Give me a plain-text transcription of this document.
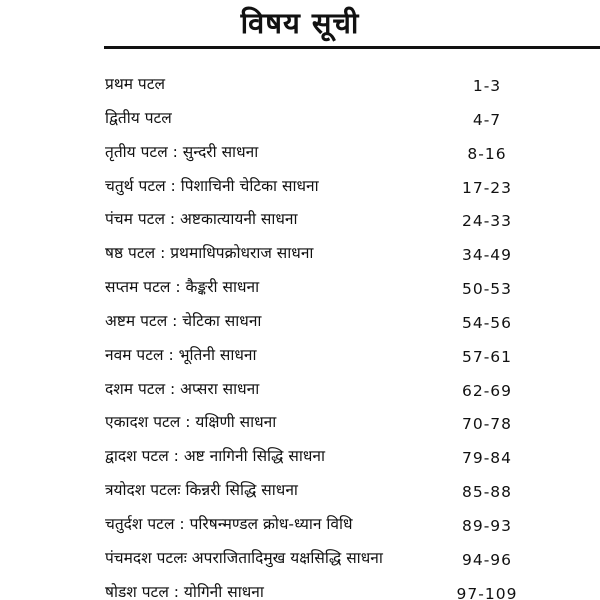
विषय सूची
प्रथम पटल	1-3
द्वितीय पटल	4-7
तृतीय पटल : सुन्दरी साधना	8-16
चतुर्थ पटल : पिशाचिनी चेटिका साधना	17-23
पंचम पटल : अष्टकात्यायनी साधना	24-33
षष्ठ पटल : प्रथमाधिपक्रोधराज साधना	34-49
सप्तम पटल : कैङ्करी साधना	50-53
अष्टम पटल : चेटिका साधना	54-56
नवम पटल : भूतिनी साधना	57-61
दशम पटल : अप्सरा साधना	62-69
एकादश पटल : यक्षिणी साधना	70-78
द्वादश पटल : अष्ट नागिनी सिद्धि साधना	79-84
त्रयोदश पटलः किन्नरी सिद्धि साधना	85-88
चतुर्दश पटल : परिषन्मण्डल क्रोध-ध्यान विधि	89-93
पंचमदश पटलः अपराजितादिमुख यक्षसिद्धि साधना	94-96
षोडश पटल : योगिनी साधना	97-109
